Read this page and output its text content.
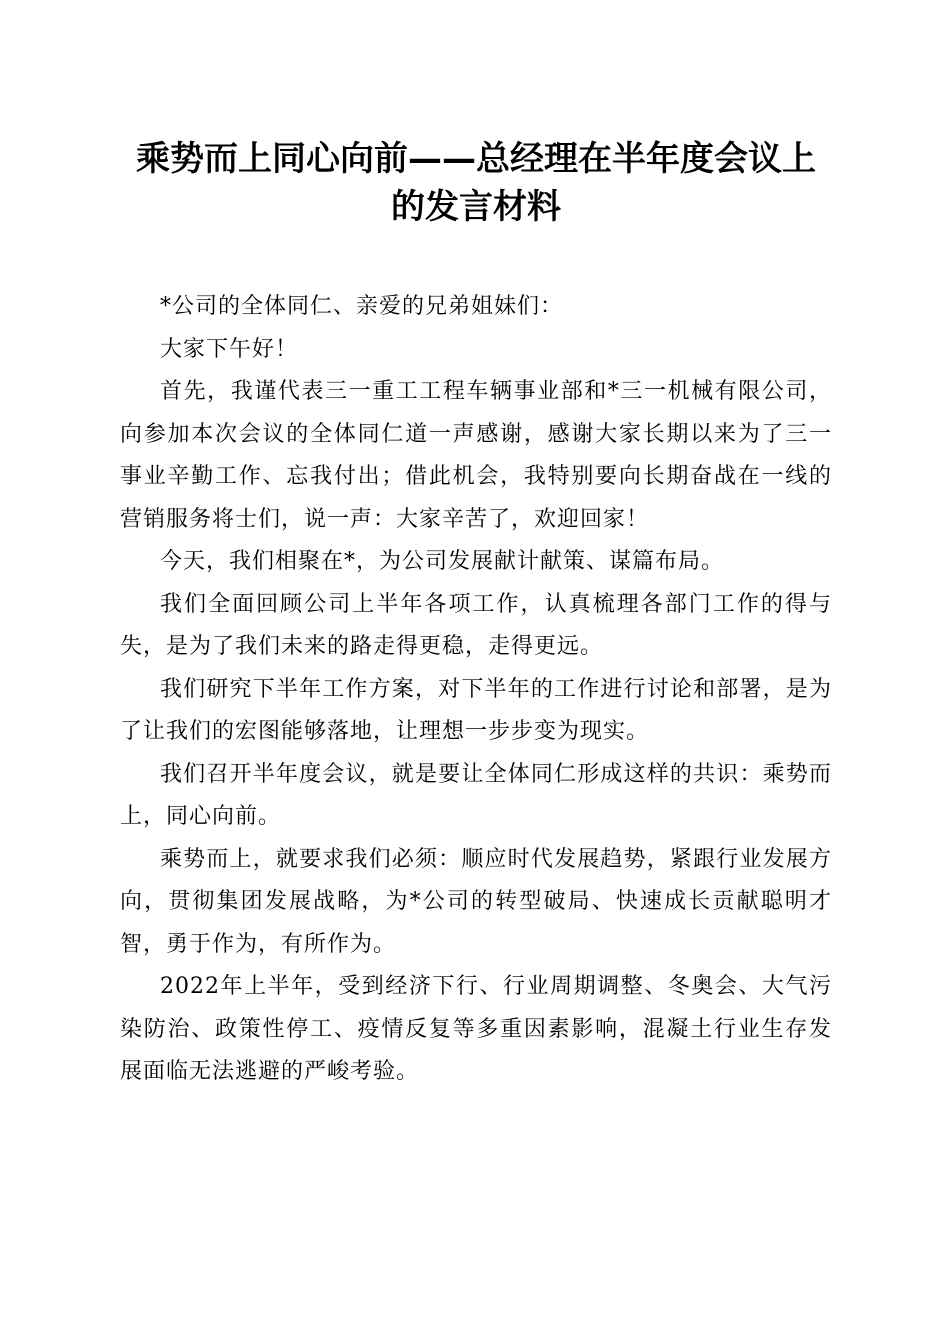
乘势而上同心向前——总经理在半年度会议上
的发言材料

*公司的全体同仁、亲爱的兄弟姐妹们：

大家下午好！

首先，我谨代表三一重工工程车辆事业部和*三一机械有限公司，向参加本次会议的全体同仁道一声感谢，感谢大家长期以来为了三一事业辛勤工作、忘我付出；借此机会，我特别要向长期奋战在一线的营销服务将士们，说一声：大家辛苦了，欢迎回家！

今天，我们相聚在*，为公司发展献计献策、谋篇布局。

我们全面回顾公司上半年各项工作，认真梳理各部门工作的得与失，是为了我们未来的路走得更稳，走得更远。

我们研究下半年工作方案，对下半年的工作进行讨论和部署，是为了让我们的宏图能够落地，让理想一步步变为现实。

我们召开半年度会议，就是要让全体同仁形成这样的共识：乘势而上，同心向前。

乘势而上，就要求我们必须：顺应时代发展趋势，紧跟行业发展方向，贯彻集团发展战略，为*公司的转型破局、快速成长贡献聪明才智，勇于作为，有所作为。

2022年上半年，受到经济下行、行业周期调整、冬奥会、大气污染防治、政策性停工、疫情反复等多重因素影响，混凝土行业生存发展面临无法逃避的严峻考验。
